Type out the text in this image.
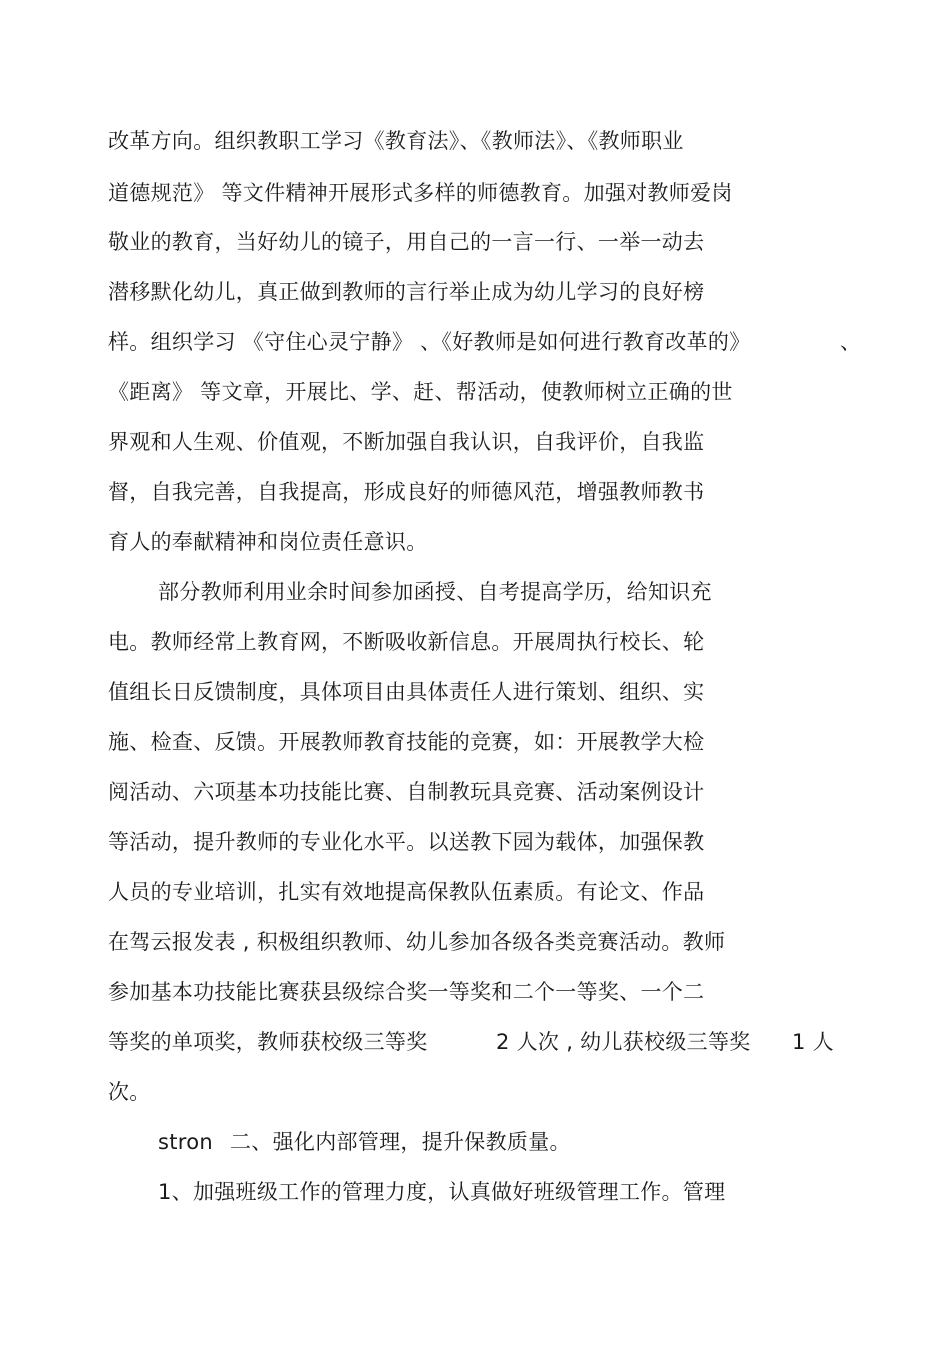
改革方向。组织教职工学习《教育法》、《教师法》、《教师职业
道德规范》 等文件精神开展形式多样的师德教育。加强对教师爱岗
敬业的教育，当好幼儿的镜子，用自己的一言一行、一举一动去
潜移默化幼儿，真正做到教师的言行举止成为幼儿学习的良好榜
样。组织学习 《守住心灵宁静》 、《好教师是如何进行教育改革的》	、
《距离》 等文章，开展比、学、赶、帮活动，使教师树立正确的世
界观和人生观、价值观，不断加强自我认识，自我评价，自我监
督，自我完善，自我提高，形成良好的师德风范，增强教师教书
育人的奉献精神和岗位责任意识。
部分教师利用业余时间参加函授、自考提高学历，给知识充
电。教师经常上教育网，不断吸收新信息。开展周执行校长、轮
值组长日反馈制度，具体项目由具体责任人进行策划、组织、实
施、检查、反馈。开展教师教育技能的竞赛，如：开展教学大检
阅活动、六项基本功技能比赛、自制教玩具竞赛、活动案例设计
等活动，提升教师的专业化水平。以送教下园为载体，加强保教
人员的专业培训，扎实有效地提高保教队伍素质。有论文、作品
在驾云报发表 , 积极组织教师、幼儿参加各级各类竞赛活动。教师
参加基本功技能比赛获县级综合奖一等奖和二个一等奖、一个二
等奖的单项奖，教师获校级三等奖	2 人次 , 幼儿获校级三等奖 1 人
次。
stron 二、强化内部管理，提升保教质量。
1、加强班级工作的管理力度，认真做好班级管理工作。管理
